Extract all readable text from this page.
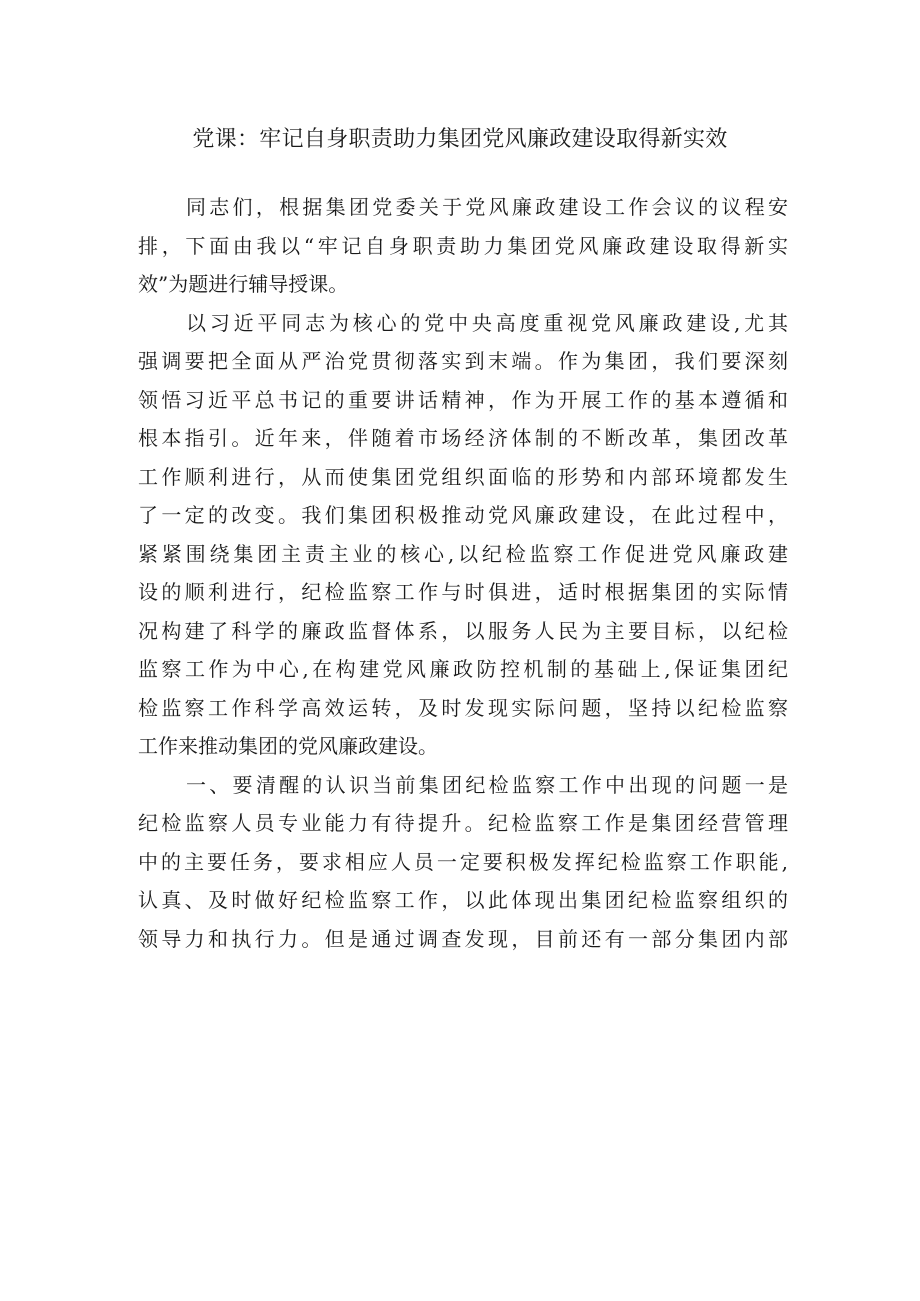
党课：牢记自身职责助力集团党风廉政建设取得新实效
同志们，根据集团党委关于党风廉政建设工作会议的议程安
排，下面由我以“牢记自身职责助力集团党风廉政建设取得新实
效”为题进行辅导授课。
以习近平同志为核心的党中央高度重视党风廉政建设,尤其
强调要把全面从严治党贯彻落实到末端。作为集团，我们要深刻
领悟习近平总书记的重要讲话精神，作为开展工作的基本遵循和
根本指引。近年来，伴随着市场经济体制的不断改革，集团改革
工作顺利进行，从而使集团党组织面临的形势和内部环境都发生
了一定的改变。我们集团积极推动党风廉政建设，在此过程中，
紧紧围绕集团主责主业的核心,以纪检监察工作促进党风廉政建
设的顺利进行，纪检监察工作与时俱进，适时根据集团的实际情
况构建了科学的廉政监督体系，以服务人民为主要目标，以纪检
监察工作为中心,在构建党风廉政防控机制的基础上,保证集团纪
检监察工作科学高效运转，及时发现实际问题，坚持以纪检监察
工作来推动集团的党风廉政建设。
一、要清醒的认识当前集团纪检监察工作中出现的问题一是
纪检监察人员专业能力有待提升。纪检监察工作是集团经营管理
中的主要任务，要求相应人员一定要积极发挥纪检监察工作职能,
认真、及时做好纪检监察工作，以此体现出集团纪检监察组织的
领导力和执行力。但是通过调查发现，目前还有一部分集团内部
